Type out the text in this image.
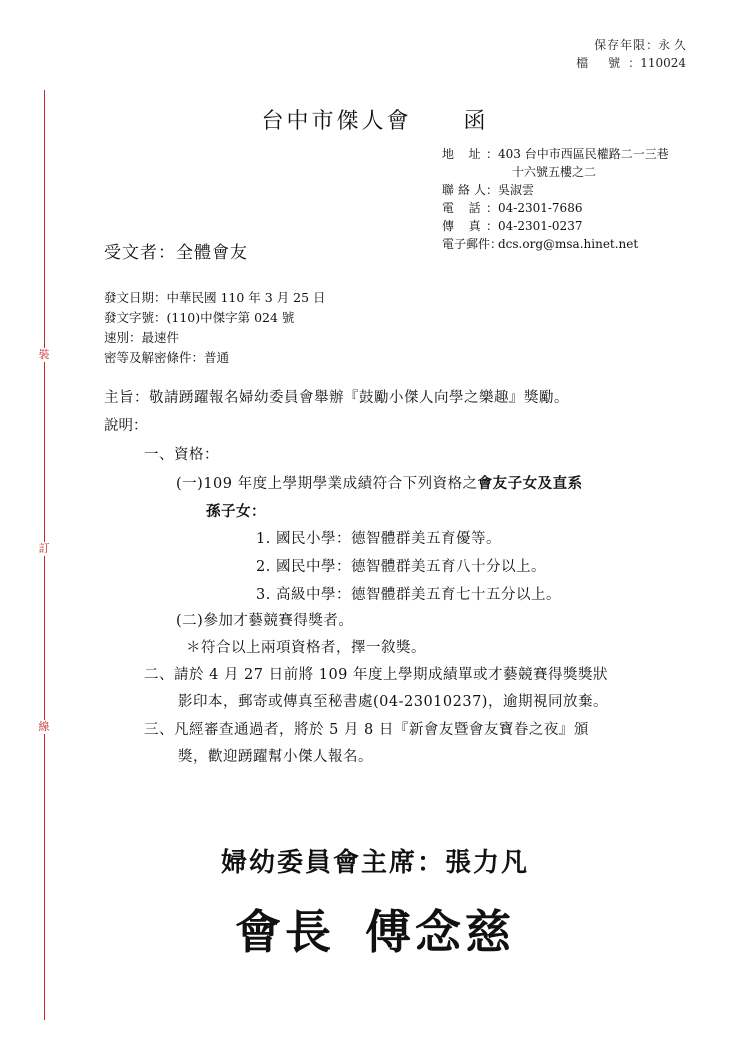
保存年限：永 久
檔 號：110024
裝
訂
線
台中市傑人會 函
地 址： 403 台中市西區民權路二一三巷
十六號五樓之二
聯 絡 人： 吳淑雲
電 話： 04-2301-7686
傳 真： 04-2301-0237
電子郵件：
dcs.org@msa.hinet.net
受文者：全體會友
發文日期：中華民國 110 年 3 月 25 日
發文字號：(110)中傑字第 024 號
速別：最速件
密等及解密條件：普通
主旨：敬請踴躍報名婦幼委員會舉辦『鼓勵小傑人向學之樂趣』獎勵。
說明：
一、資格：
(一)109 年度上學期學業成績符合下列資格之會友子女及直系
孫子女：
1. 國民小學：德智體群美五育優等。
2. 國民中學：德智體群美五育八十分以上。
3. 高級中學：德智體群美五育七十五分以上。
(二)參加才藝競賽得獎者。
＊符合以上兩項資格者，擇一敘獎。
二、請於 4 月 27 日前將 109 年度上學期成績單或才藝競賽得獎獎狀
影印本，郵寄或傳真至秘書處(04-23010237)，逾期視同放棄。
三、凡經審查通過者，將於 5 月 8 日『新會友暨會友寶眷之夜』頒
獎，歡迎踴躍幫小傑人報名。
婦幼委員會主席：張力凡
會長 傅念慈
